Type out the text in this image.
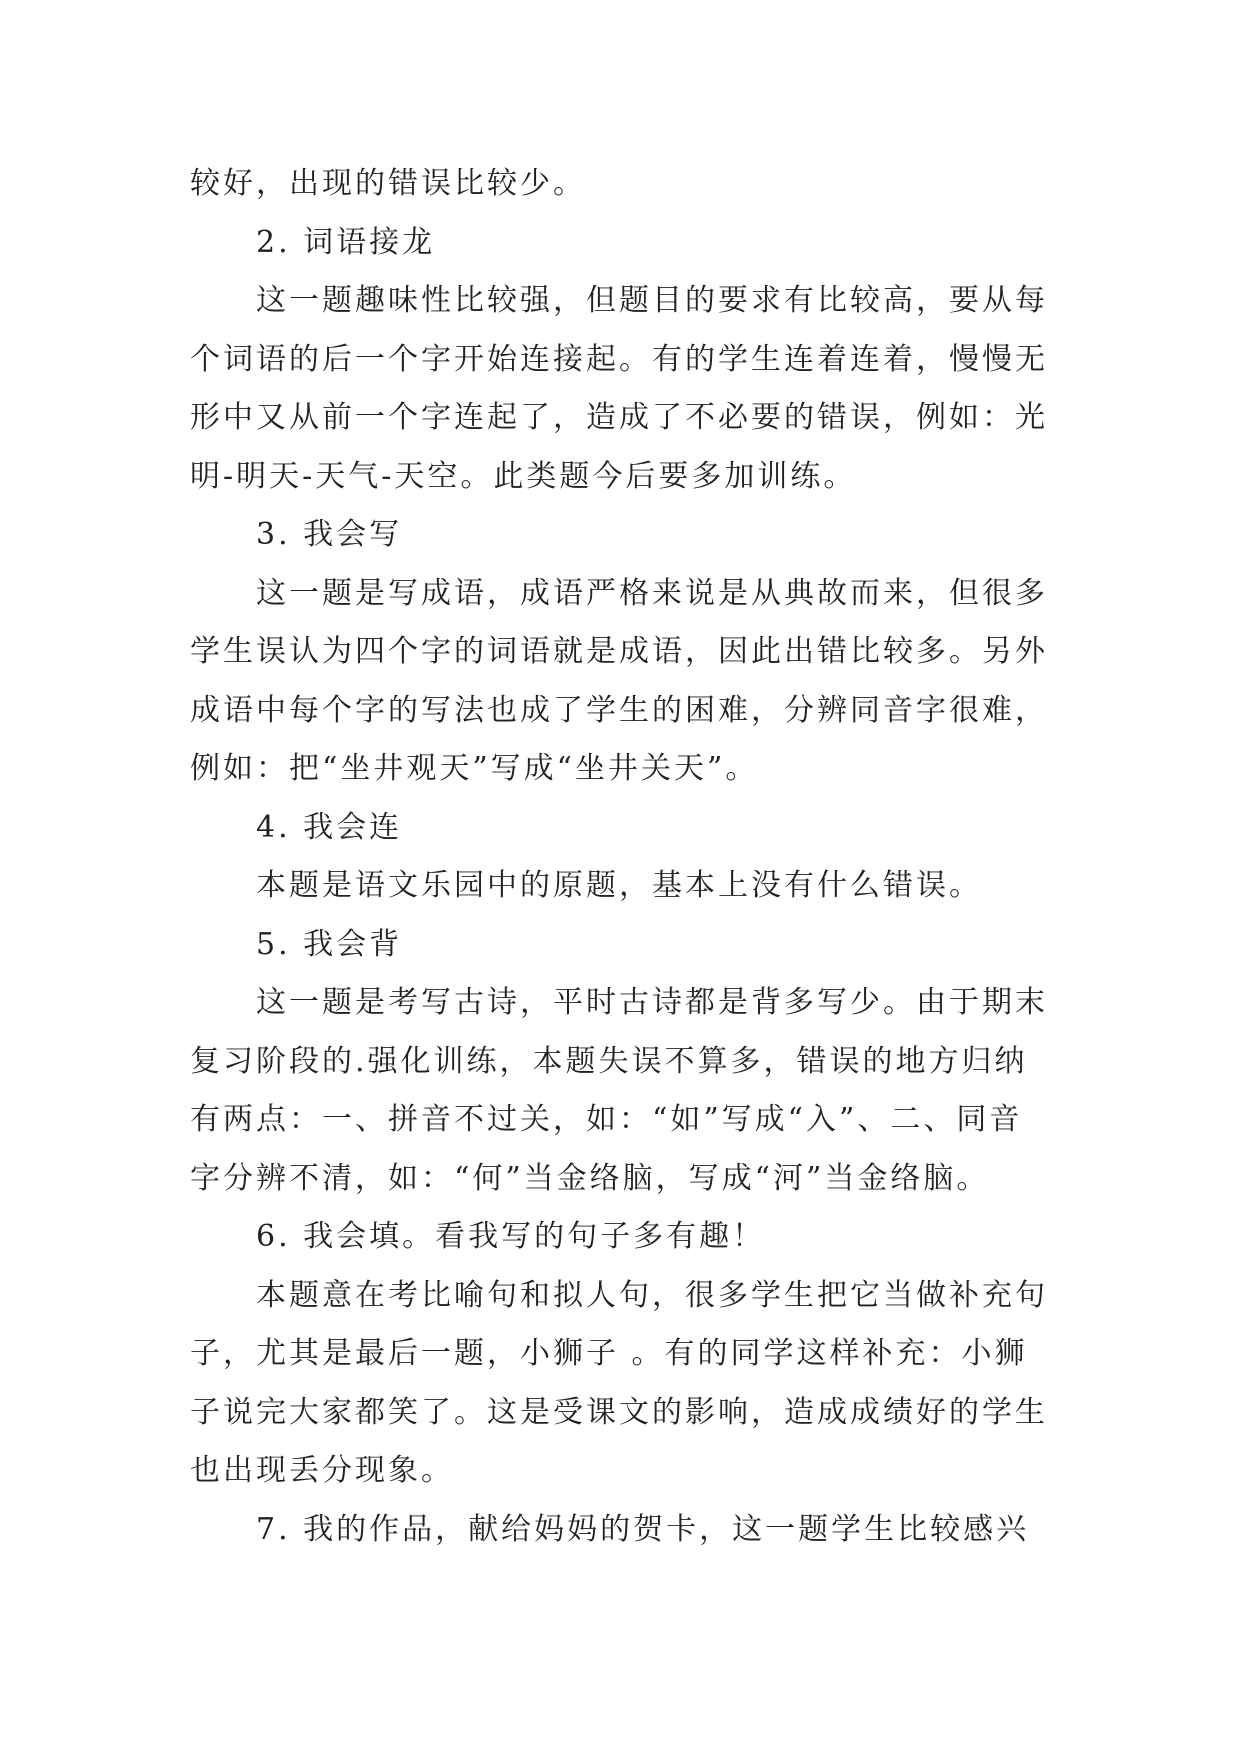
较好，出现的错误比较少。

2. 词语接龙

这一题趣味性比较强，但题目的要求有比较高，要从每

个词语的后一个字开始连接起。有的学生连着连着，慢慢无

形中又从前一个字连起了，造成了不必要的错误，例如：光

明-明天-天气-天空。此类题今后要多加训练。

3. 我会写

这一题是写成语，成语严格来说是从典故而来，但很多

学生误认为四个字的词语就是成语，因此出错比较多。另外

成语中每个字的写法也成了学生的困难，分辨同音字很难，

例如：把“坐井观天”写成“坐井关天”。

4. 我会连

本题是语文乐园中的原题，基本上没有什么错误。

5. 我会背

这一题是考写古诗，平时古诗都是背多写少。由于期末

复习阶段的.强化训练，本题失误不算多，错误的地方归纳

有两点：一、拼音不过关，如：“如”写成“入”、二、同音

字分辨不清，如：“何”当金络脑，写成“河”当金络脑。

6. 我会填。看我写的句子多有趣！

本题意在考比喻句和拟人句，很多学生把它当做补充句

子，尤其是最后一题，小狮子 。有的同学这样补充：小狮

子说完大家都笑了。这是受课文的影响，造成成绩好的学生

也出现丢分现象。

7. 我的作品，献给妈妈的贺卡，这一题学生比较感兴
